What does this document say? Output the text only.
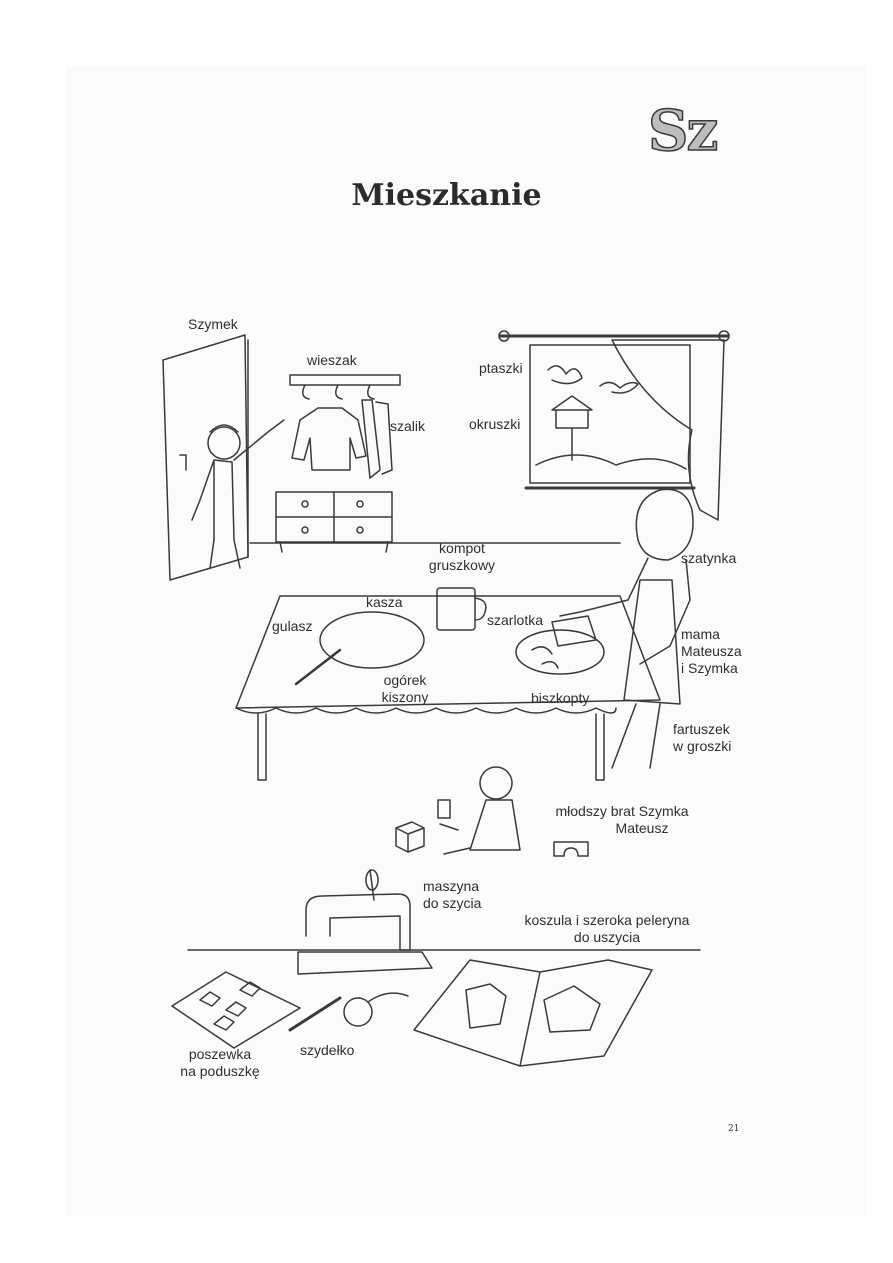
Sz
Mieszkanie
Szymek
wieszak
szalik
ptaszki
okruszki
kompot
gruszkowy
kasza
gulasz	szarlotka
szatynka
mama
Mateusza
i Szymka
ogórek
kiszony	biszkopty
fartuszek
w groszki
młodszy brat Szymka
Mateusz
maszyna
do szycia
koszula i szeroka peleryna
do uszycia
poszewka
na poduszkę
szydełko
21
